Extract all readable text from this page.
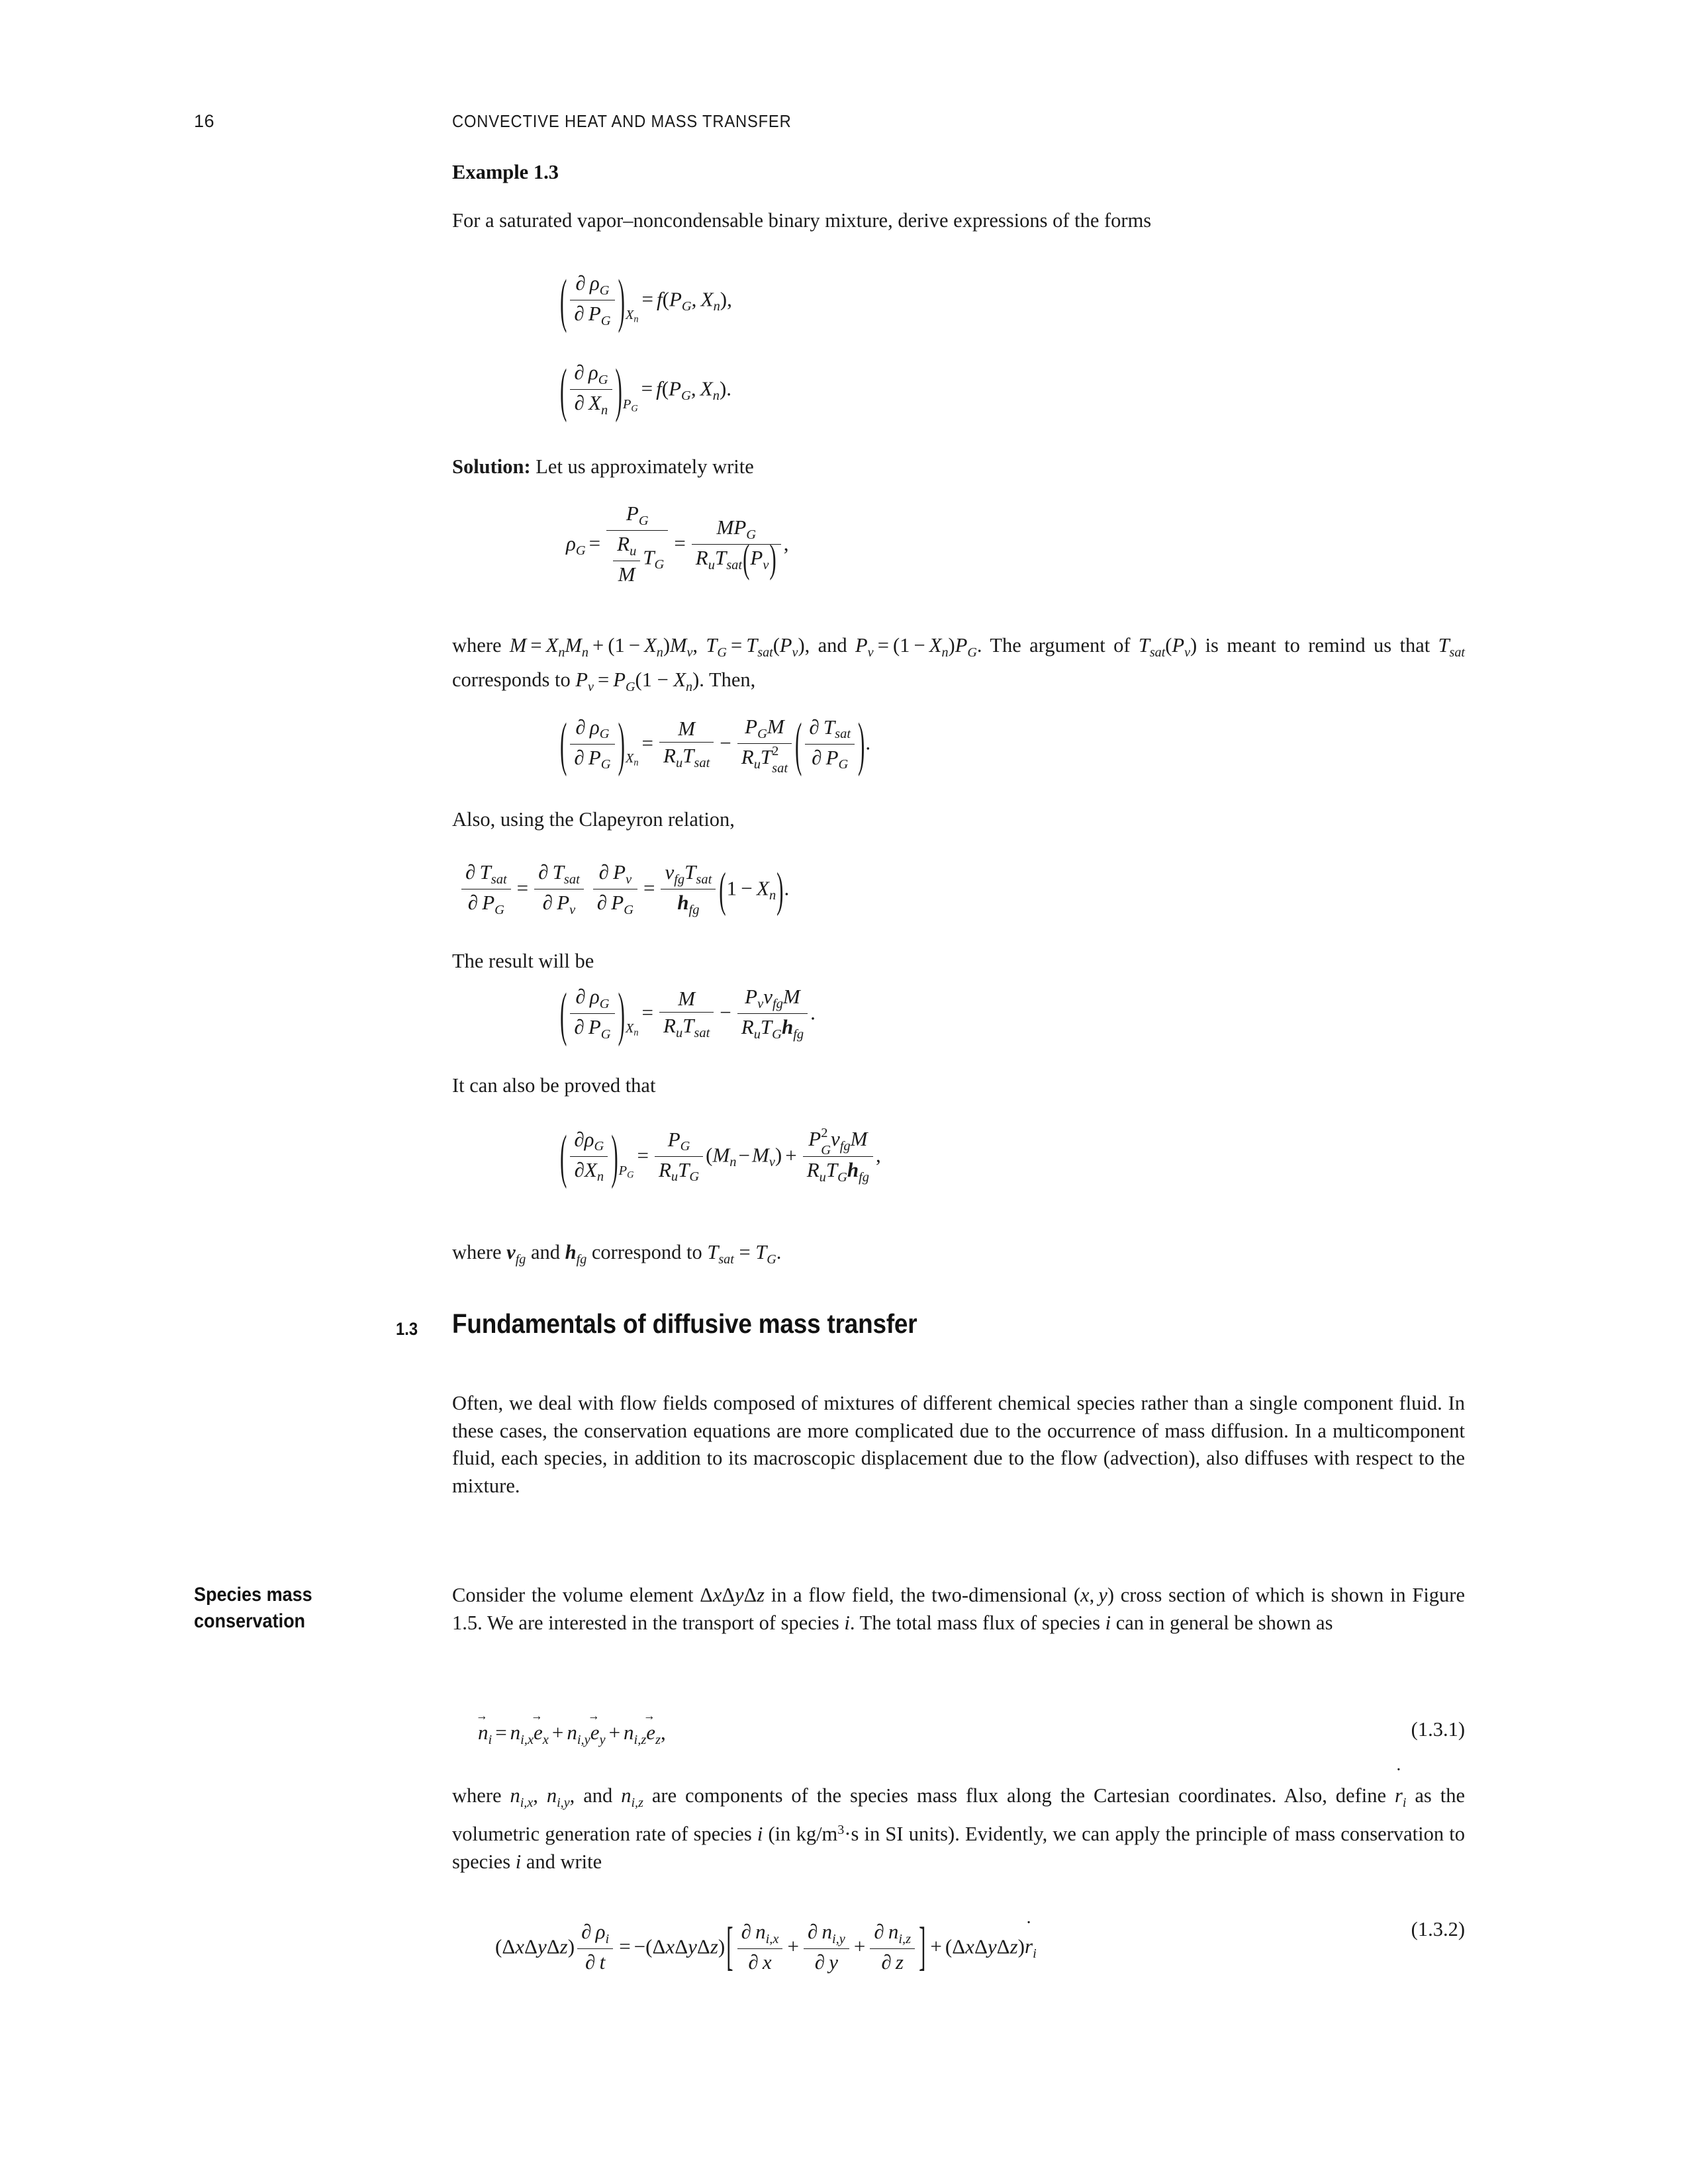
16	CONVECTIVE HEAT AND MASS TRANSFER
Example 1.3

For a saturated vapor–noncondensable binary mixture, derive expressions of the forms

( $\frac{\partial \rho G}{\partial PG} )X_n= f(PG$, Xn),
( $\frac{\partial \rho G}{\partial Xn} )P_G= f(PG$, Xn).

Solution: Let us approximately write

$\rho G = \frac{PG}{\frac{Ru}{M} TG} = \frac{\text{MPG}}{\text{RuTsat(Pv)}}$ ,

where M = XnMn + (1 − Xn)Mv, TG = Tsat(Pv), and Pv = (1 − Xn)PG. The argument of Tsat(Pv) is meant to remind us that Tsat corresponds to Pv = PG(1 − Xn). Then,

( $\frac{\partial \rho G}{\partial PG} )X_n= \frac{M}{\text{RuTsat}}$ − PGM
RuT 2
sat ( $\frac{\text{∂ Tsat}}{\partial PG}$ ).

Also, using the Clapeyron relation,

$\frac{\text{∂ Tsat}}{\partial PG} = \frac{\text{∂ Tsat}}{\partial Pv} \frac{\partial Pv}{\partial PG} = \frac{\text{vfgTsat}}{\text{hfg}} (1 - Xn)$.

The result will be

( $\frac{\partial \rho G}{\partial PG} )X_n= \frac{M}{\text{RuTsat}} - \frac{\text{PvvfgM}}{\text{RuTGhfg}}$ .

It can also be proved that

( $\frac{\partial\rho G}{\partial Xn} )P_G= \frac{PG}{\text{RuTG}} (Mn-Mv) + P$ 2
G vfgM
RuTGhfg ,

where vfg and hfg correspond to Tsat = TG.

1.3 Fundamentals of diffusive mass transfer

Often, we deal with flow fields composed of mixtures of different chemical species rather than a single component fluid. In these cases, the conservation equations are more complicated due to the occurrence of mass diffusion. In a multicomponent fluid, each species, in addition to its macroscopic displacement due to the flow (advection), also diffuses with respect to the mixture.

Species mass
conservation

Consider the volume element ΔxΔyΔz in a flow field, the two-dimensional (x, y) cross section of which is shown in Figure 1.5. We are interested in the transport of species i. The total mass flux of species i can in general be shown as

n →i = ni,xe →x + ni,ye →y + ni,ze →z,	(1.3.1)

where ni,x, ni,y, and ni,z are components of the species mass flux along the Cartesian coordinates. Also, define r ˙i as the volumetric generation rate of species i (in kg/m3·s in SI units). Evidently, we can apply the principle of mass conservation to species i and write

$(\Delta x\Delta y\Delta z) \frac{\partial \rho i}{\partial t} = -(\Delta x\Delta y\Delta z)[ \frac{\partial ni,x}{\partial x} + \frac{\partial ni,y}{\partial y} + \frac{\partial ni,z}{\partial z}$ ] + (ΔxΔyΔz)r ˙i
(1.3.2)
